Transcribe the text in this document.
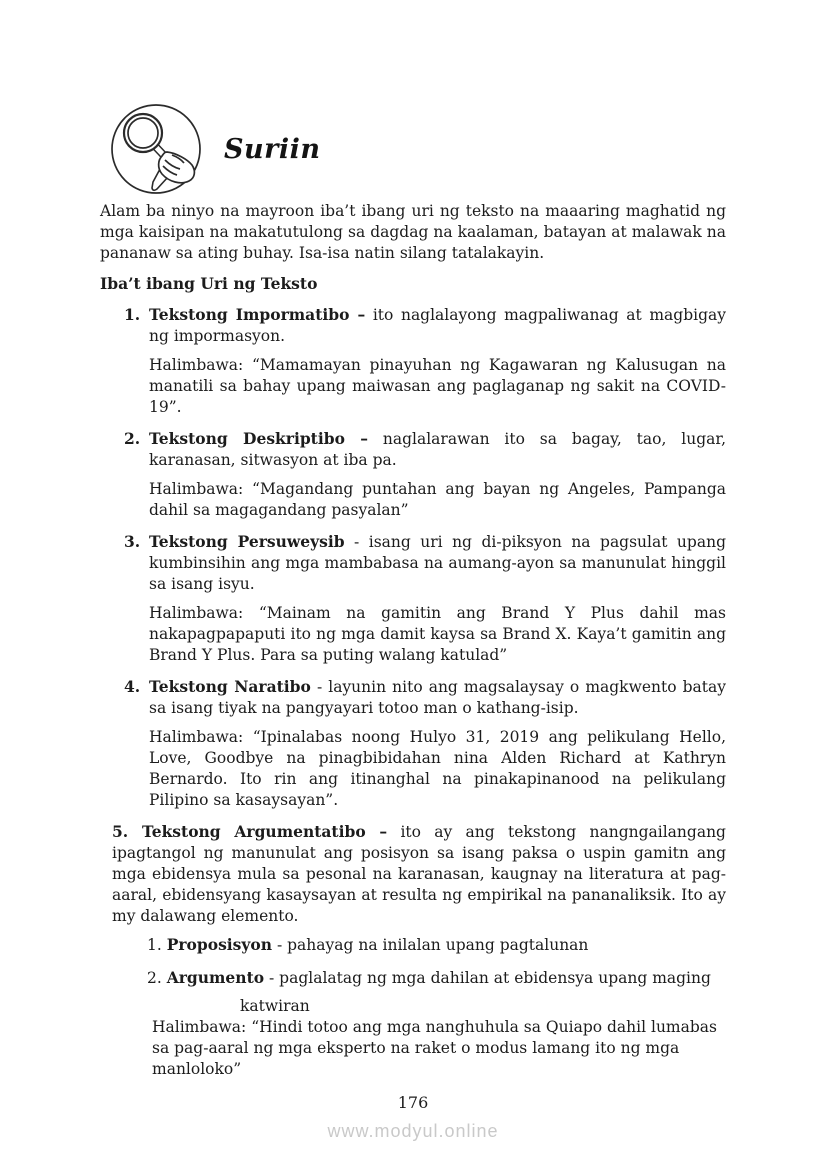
Suriin

Alam ba ninyo na mayroon iba’t ibang uri ng teksto na maaaring maghatid ng mga kaisipan na makatutulong sa dagdag na kaalaman, batayan at malawak na pananaw sa ating buhay. Isa-isa natin silang tatalakayin.

Iba’t ibang Uri ng Teksto

1. Tekstong Impormatibo – ito naglalayong magpaliwanag at magbigay ng impormasyon.

Halimbawa: “Mamamayan pinayuhan ng Kagawaran ng Kalusugan na manatili sa bahay upang maiwasan ang paglaganap ng sakit na COVID-19”.

2. Tekstong Deskriptibo – naglalarawan ito sa bagay, tao, lugar, karanasan, sitwasyon at iba pa.

Halimbawa: “Magandang puntahan ang bayan ng Angeles, Pampanga dahil sa magagandang pasyalan”

3. Tekstong Persuweysib - isang uri ng di-piksyon na pagsulat upang kumbinsihin ang mga mambabasa na aumang-ayon sa manunulat hinggil sa isang isyu.

Halimbawa: “Mainam na gamitin ang Brand Y Plus dahil mas nakapagpapaputi ito ng mga damit kaysa sa Brand X. Kaya’t gamitin ang Brand Y Plus. Para sa puting walang katulad”

4. Tekstong Naratibo - layunin nito ang magsalaysay o magkwento batay sa isang tiyak na pangyayari totoo man o kathang-isip.

Halimbawa: “Ipinalabas noong Hulyo 31, 2019 ang pelikulang Hello, Love, Goodbye na pinagbibidahan nina Alden Richard at Kathryn Bernardo. Ito rin ang itinanghal na pinakapinanood na pelikulang Pilipino sa kasaysayan”.

5. Tekstong Argumentatibo – ito ay ang tekstong nangngailangang ipagtangol ng manunulat ang posisyon sa isang paksa o uspin gamitn ang mga ebidensya mula sa pesonal na karanasan, kaugnay na literatura at pag-aaral, ebidensyang kasaysayan at resulta ng empirikal na pananaliksik. Ito ay my dalawang elemento.

1. Proposisyon - pahayag na inilalan upang pagtalunan

2. Argumento - paglalatag ng mga dahilan at ebidensya upang maging

katwiran

Halimbawa: “Hindi totoo ang mga nanghuhula sa Quiapo dahil lumabas sa pag-aaral ng mga eksperto na raket o modus lamang ito ng mga manloloko”

176
www.modyul.online
